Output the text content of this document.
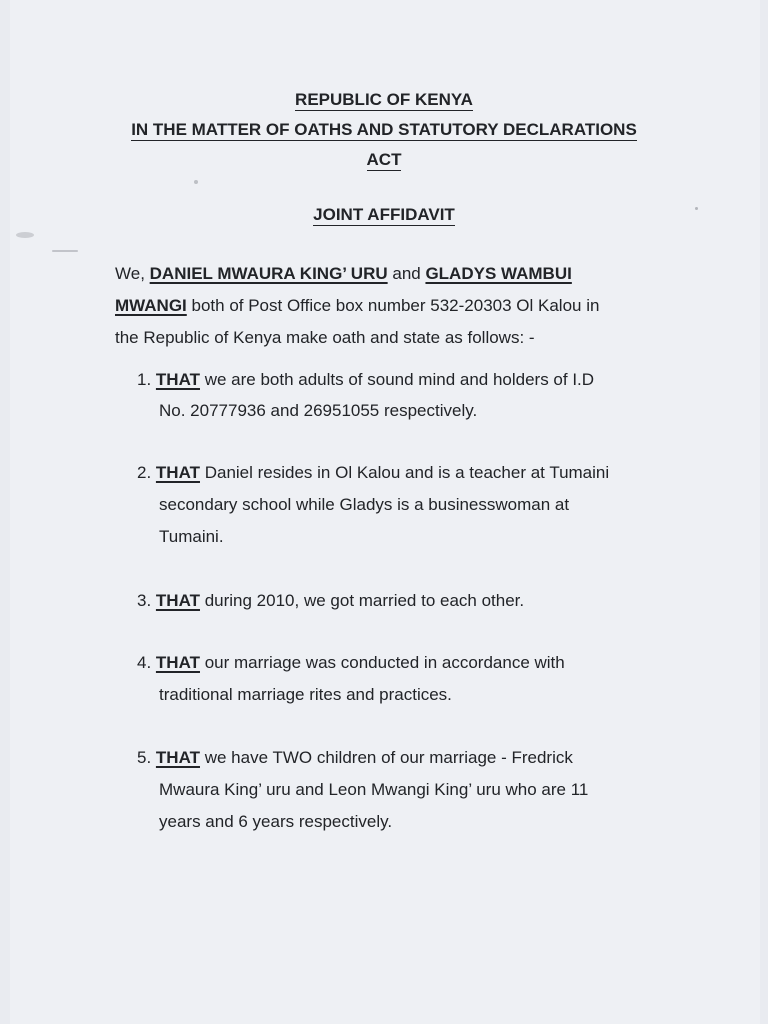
REPUBLIC OF KENYA
IN THE MATTER OF OATHS AND STATUTORY DECLARATIONS
ACT
JOINT AFFIDAVIT
We, DANIEL MWAURA KING’ URU and GLADYS WAMBUI
MWANGI both of Post Office box number 532-20303 Ol Kalou in
the Republic of Kenya make oath and state as follows: -
1. THAT we are both adults of sound mind and holders of I.D
No. 20777936 and 26951055 respectively.
2. THAT Daniel resides in Ol Kalou and is a teacher at Tumaini
secondary school while Gladys is a businesswoman at
Tumaini.
3. THAT during 2010, we got married to each other.
4. THAT our marriage was conducted in accordance with
traditional marriage rites and practices.
5. THAT we have TWO children of our marriage - Fredrick
Mwaura King’ uru and Leon Mwangi King’ uru who are 11
years and 6 years respectively.
